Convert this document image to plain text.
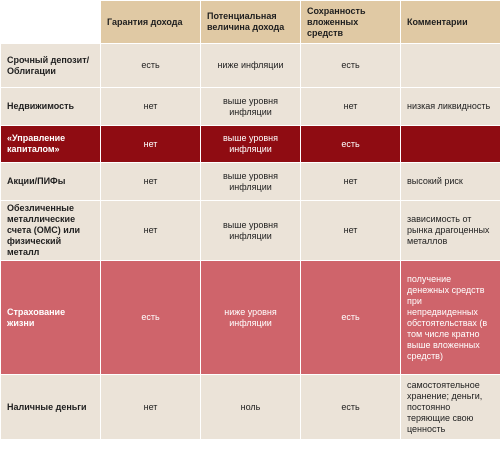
	Гарантия дохода	Потенциальная величина дохода	Сохранность вложенных средств	Комментарии
Срочный депозит/ Облигации	есть	ниже инфляции	есть	
Недвижимость	нет	выше уровня инфляции	нет	низкая ликвидность
«Управление капиталом»	нет	выше уровня инфляции	есть	
Акции/ПИФы	нет	выше уровня инфляции	нет	высокий риск
Обезличенные металлические счета (ОМС) или физический металл	нет	выше уровня инфляции	нет	зависимость от рынка драгоценных металлов
Страхование жизни	есть	ниже уровня инфляции	есть	получение денежных средств при непредвиденных обстоятельствах (в том числе кратно выше вложенных средств)
Наличные деньги	нет	ноль	есть	самостоятельное хранение; деньги, постоянно теряющие свою ценность
